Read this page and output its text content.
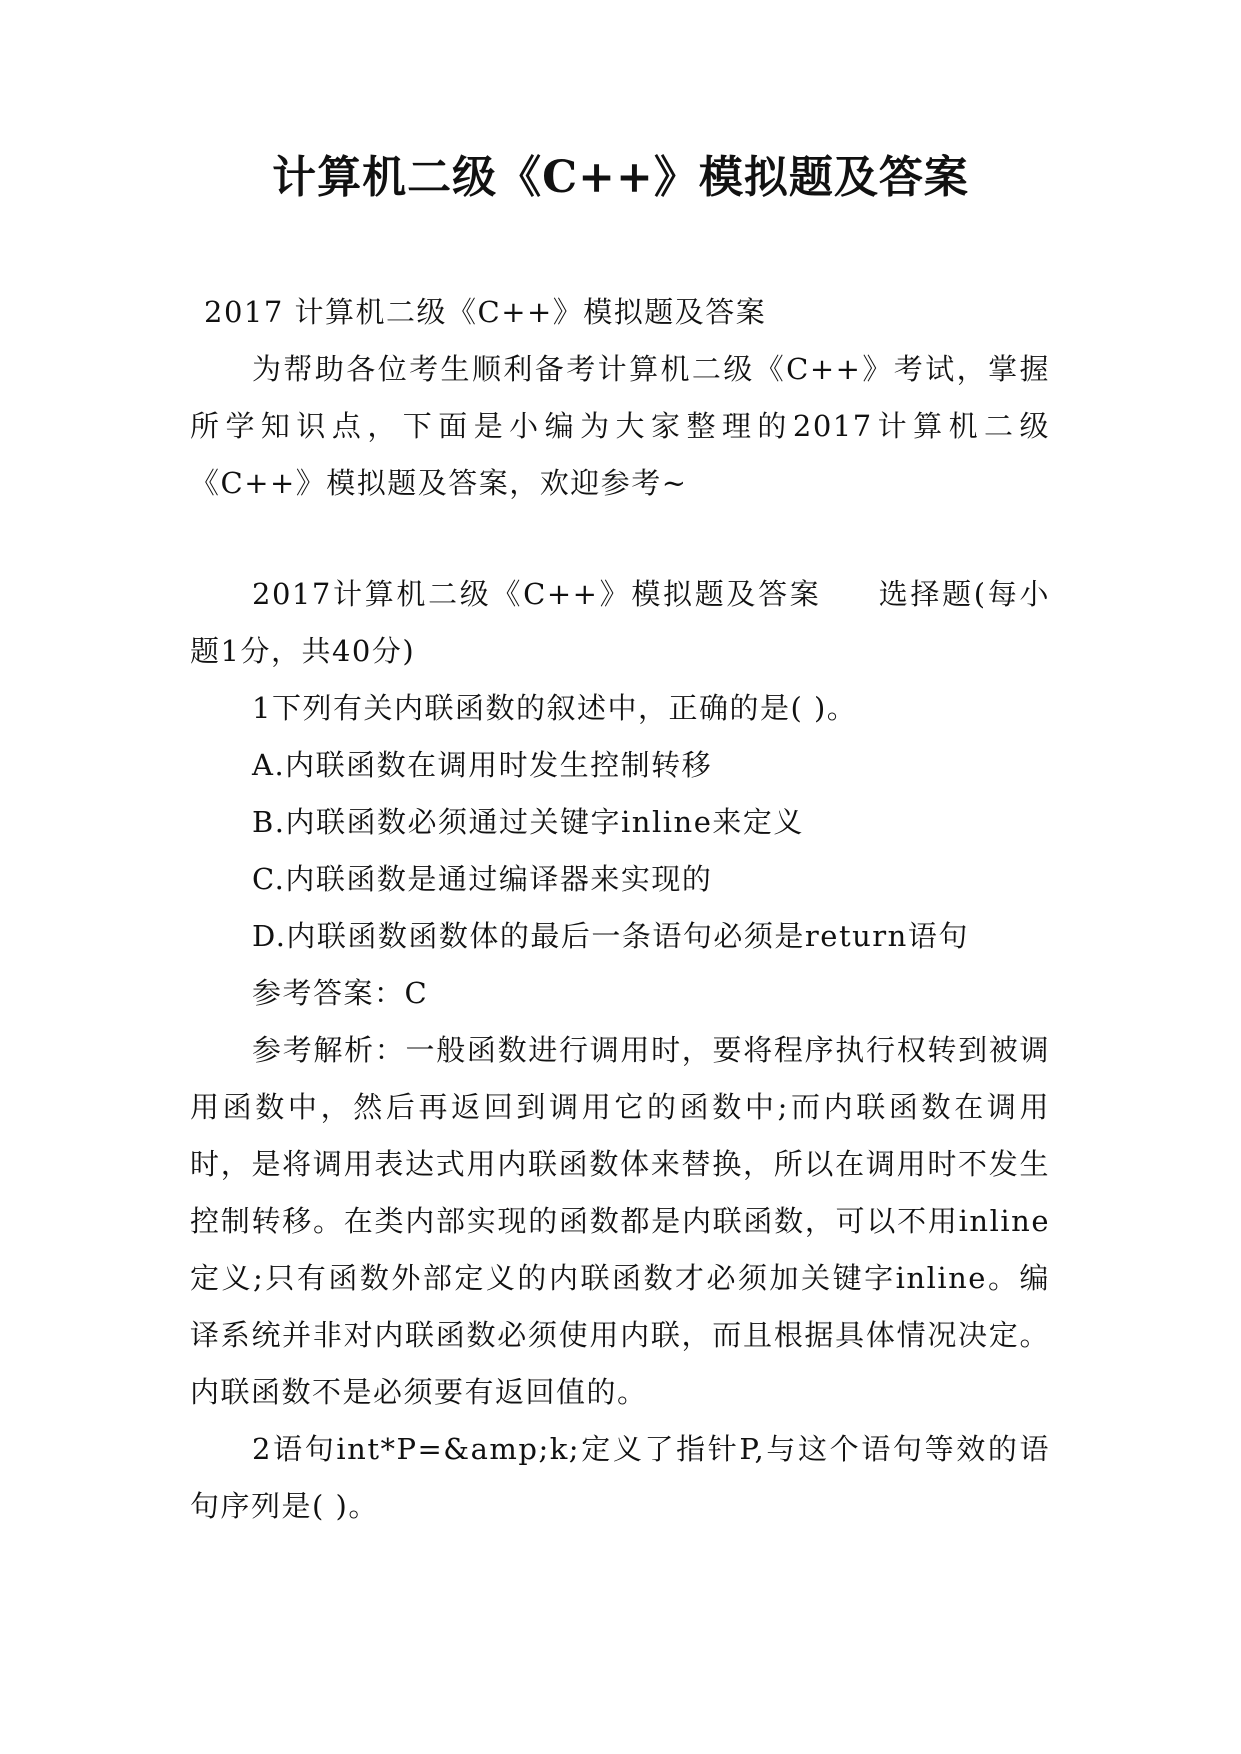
计算机二级《C++》模拟题及答案

2017 计算机二级《C++》模拟题及答案

为帮助各位考生顺利备考计算机二级《C++》考试，掌握所学知识点，下面是小编为大家整理的2017计算机二级《C++》模拟题及答案，欢迎参考~

2017计算机二级《C++》模拟题及答案 选择题(每小题1分，共40分)

1下列有关内联函数的叙述中，正确的是( )。

A.内联函数在调用时发生控制转移

B.内联函数必须通过关键字inline来定义

C.内联函数是通过编译器来实现的

D.内联函数函数体的最后一条语句必须是return语句

参考答案：C

参考解析：一般函数进行调用时，要将程序执行权转到被调用函数中，然后再返回到调用它的函数中;而内联函数在调用时，是将调用表达式用内联函数体来替换，所以在调用时不发生控制转移。在类内部实现的函数都是内联函数，可以不用inline定义;只有函数外部定义的内联函数才必须加关键字inline。编译系统并非对内联函数必须使用内联，而且根据具体情况决定。内联函数不是必须要有返回值的。

2语句int*P=&amp;k;定义了指针P,与这个语句等效的语句序列是( )。
